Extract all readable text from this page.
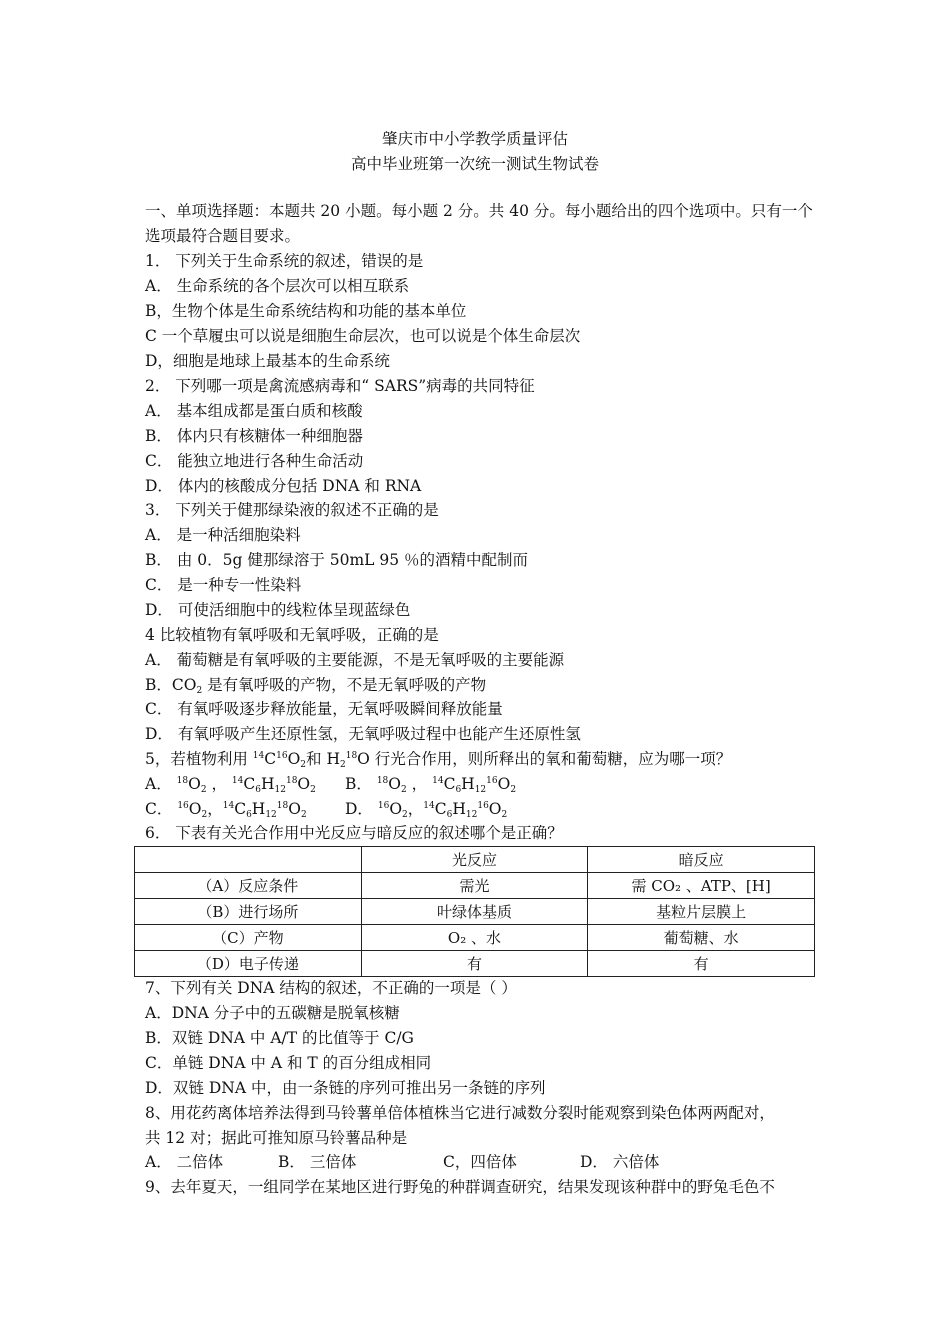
肇庆市中小学教学质量评估
高中毕业班第一次统一测试生物试卷
一、单项选择题：本题共 20 小题。每小题 2 分。共 40 分。每小题给出的四个选项中。只有一个
选项最符合题目要求。
1． 下列关于生命系统的叙述，错误的是
A． 生命系统的各个层次可以相互联系
B，生物个体是生命系统结构和功能的基本单位
C 一个草履虫可以说是细胞生命层次，也可以说是个体生命层次
D，细胞是地球上最基本的生命系统
2． 下列哪一项是禽流感病毒和“ SARS”病毒的共同特征
A． 基本组成都是蛋白质和核酸
B． 体内只有核糖体一种细胞器
C． 能独立地进行各种生命活动
D． 体内的核酸成分包括 DNA 和 RNA
3． 下列关于健那绿染液的叙述不正确的是
A． 是一种活细胞染料
B． 由 0．5g 健那绿溶于 50mL 95 ％的酒精中配制而
C． 是一种专一性染料
D． 可使活细胞中的线粒体呈现蓝绿色
4 比较植物有氧呼吸和无氧呼吸，正确的是
A． 葡萄糖是有氧呼吸的主要能源，不是无氧呼吸的主要能源
B．$CO_2$ 是有氧呼吸的产物，不是无氧呼吸的产物
C． 有氧呼吸逐步释放能量，无氧呼吸瞬间释放能量
D． 有氧呼吸产生还原性氢，无氧呼吸过程中也能产生还原性氢
5，若植物利用 $^{14}C^{16}O_2$和 $H_2^{18}O$ 行光合作用，则所释出的氧和葡萄糖，应为哪一项？
A． $^{18}O_2$ ， $^{14}C_6H_{12}^{18}O_2$ B． $^{18}O_2$ ， $^{14}C_6H_{12}^{16}O_2$
C． $^{16}O_2$，$^{14}C_6H_{12}^{18}O_2$ D． $^{16}O_2$，$^{14}C_6H_{12}^{16}O_2$
6． 下表有关光合作用中光反应与暗反应的叙述哪个是正确？
	光反应	暗反应
（A）反应条件	需光	需 CO₂ 、ATP、[H]
（B）进行场所	叶绿体基质	基粒片层膜上
（C）产物	O₂ 、水	葡萄糖、水
（D）电子传递	有	有
7、下列有关 DNA 结构的叙述，不正确的一项是（ ）
A．DNA 分子中的五碳糖是脱氧核糖
B．双链 DNA 中 A/T 的比值等于 C/G
C．单链 DNA 中 A 和 T 的百分组成相同
D．双链 DNA 中，由一条链的序列可推出另一条链的序列
8、用花药离体培养法得到马铃薯单倍体植株当它进行减数分裂时能观察到染色体两两配对，
共 12 对；据此可推知原马铃薯品种是
A． 二倍体	B． 三倍体	C，四倍体	D． 六倍体
9、去年夏天，一组同学在某地区进行野兔的种群调查研究，结果发现该种群中的野兔毛色不
